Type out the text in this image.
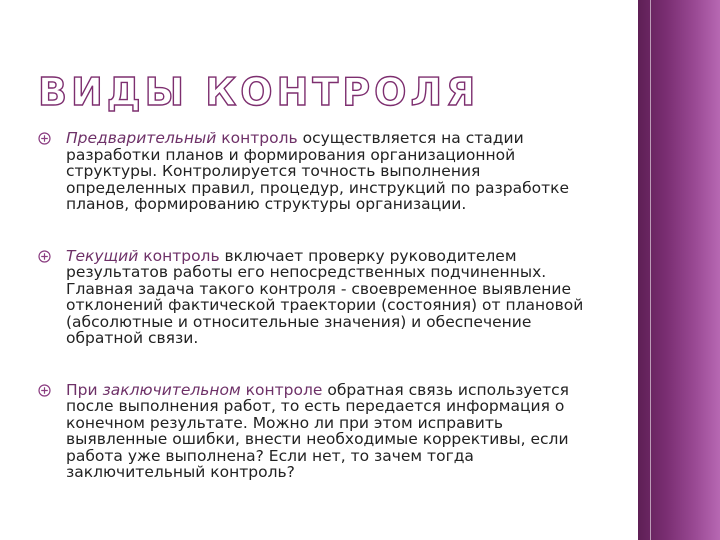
ВИДЫ КОНТРОЛЯ
Предварительный контроль осуществляется на стадии разработки планов и формирования организационной структуры. Контролируется точность выполнения определенных правил, процедур, инструкций по разработке планов, формированию структуры организации.
Текущий контроль включает проверку руководителем результатов работы его непосредственных подчиненных. Главная задача такого контроля - своевременное выявление отклонений фактической траектории (состояния) от плановой (абсолютные и относительные значения) и обеспечение обратной связи.
При заключительном контроле обратная связь используется после выполнения работ, то есть передается информация о конечном результате. Можно ли при этом исправить выявленные ошибки, внести необходимые коррективы, если работа уже выполнена? Если нет, то зачем тогда заключительный контроль?
